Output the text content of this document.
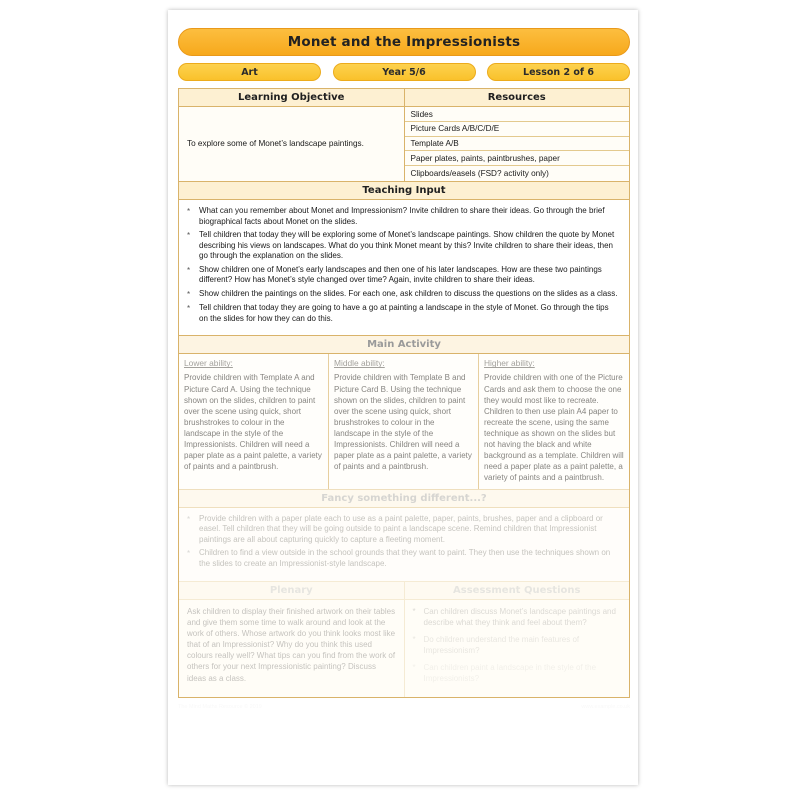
Monet and the Impressionists
Art	Year 5/6	Lesson 2 of 6
Learning Objective
To explore some of Monet’s landscape paintings.
Resources
Slides
Picture Cards A/B/C/D/E
Template A/B
Paper plates, paints, paintbrushes, paper
Clipboards/easels (FSD? activity only)
Teaching Input
*	What can you remember about Monet and Impressionism? Invite children to share their ideas. Go through the brief biographical facts about Monet on the slides.
*	Tell children that today they will be exploring some of Monet’s landscape paintings. Show children the quote by Monet describing his views on landscapes. What do you think Monet meant by this? Invite children to share their ideas, then go through the explanation on the slides.
*	Show children one of Monet’s early landscapes and then one of his later landscapes. How are these two paintings different? How has Monet’s style changed over time? Again, invite children to share their ideas.
*	Show children the paintings on the slides. For each one, ask children to discuss the questions on the slides as a class.
*	Tell children that today they are going to have a go at painting a landscape in the style of Monet. Go through the tips on the slides for how they can do this.
Main Activity
Lower ability:
Provide children with Template A and Picture Card A. Using the technique shown on the slides, children to paint over the scene using quick, short brushstrokes to colour in the landscape in the style of the Impressionists. Children will need a paper plate as a paint palette, a variety of paints and a paintbrush.
Middle ability:
Provide children with Template B and Picture Card B. Using the technique shown on the slides, children to paint over the scene using quick, short brushstrokes to colour in the landscape in the style of the Impressionists. Children will need a paper plate as a paint palette, a variety of paints and a paintbrush.
Higher ability:
Provide children with one of the Picture Cards and ask them to choose the one they would most like to recreate. Children to then use plain A4 paper to recreate the scene, using the same technique as shown on the slides but not having the black and white background as a template. Children will need a paper plate as a paint palette, a variety of paints and a paintbrush.
Fancy something different...?
*	Provide children with a paper plate each to use as a paint palette, paper, paints, brushes, paper and a clipboard or easel. Tell children that they will be going outside to paint a landscape scene. Remind children that Impressionist paintings are all about capturing quickly to capture a fleeting moment.
*	Children to find a view outside in the school grounds that they want to paint. They then use the techniques shown on the slides to create an Impressionist-style landscape.
Plenary	Assessment Questions
Ask children to display their finished artwork on their tables and give them some time to walk around and look at the work of others. Whose artwork do you think looks most like that of an Impressionist? Why do you think this used colours really well? What tips can you find from the work of others for your next Impressionistic painting? Discuss ideas as a class.
* Can children discuss Monet’s landscape paintings and describe what they think and feel about them?
* Do children understand the main features of Impressionism?
* Can children paint a landscape in the style of the Impressionists?
The Mind Maths Resource © 2019	www.example.co.uk
